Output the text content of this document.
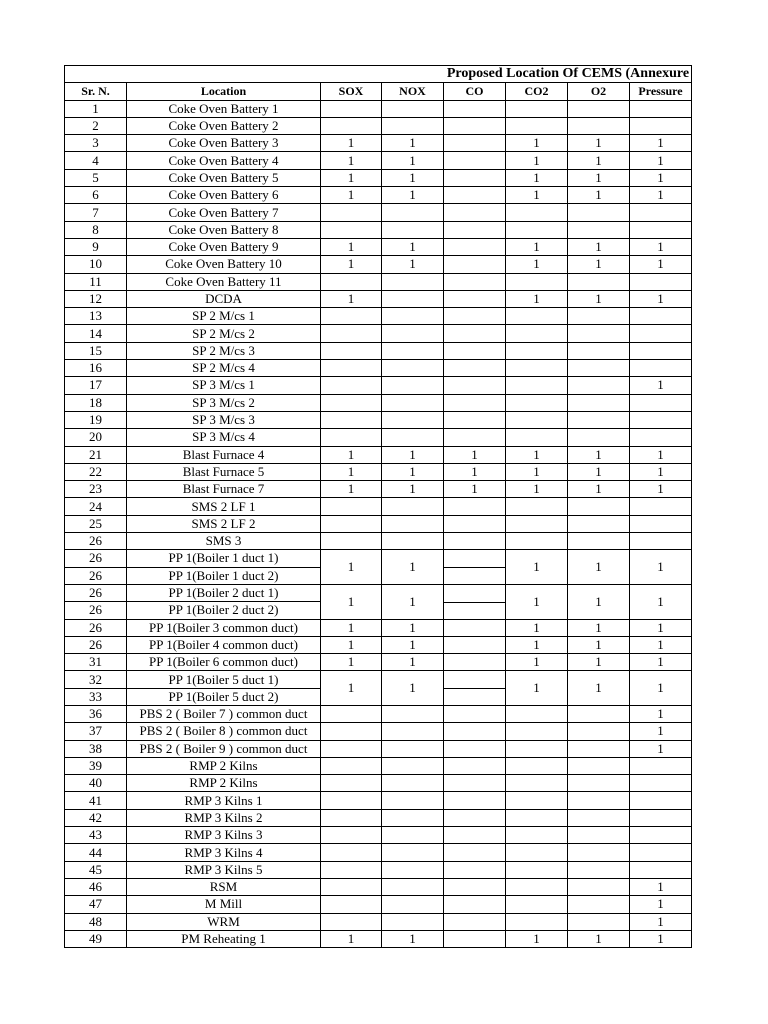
Proposed Location Of CEMS (Annexure							
Sr. N.	Location	SOX	NOX	CO	CO2	O2	Pressure
1	Coke Oven Battery 1						
2	Coke Oven Battery 2						
3	Coke Oven Battery 3	1	1		1	1	1
4	Coke Oven Battery 4	1	1		1	1	1
5	Coke Oven Battery 5	1	1		1	1	1
6	Coke Oven Battery 6	1	1		1	1	1
7	Coke Oven Battery 7						
8	Coke Oven Battery 8						
9	Coke Oven Battery 9	1	1		1	1	1
10	Coke Oven Battery 10	1	1		1	1	1
11	Coke Oven Battery 11						
12	DCDA	1			1	1	1
13	SP 2 M/cs 1						
14	SP 2 M/cs 2						
15	SP 2 M/cs 3						
16	SP 2 M/cs 4						
17	SP 3 M/cs 1						1
18	SP 3 M/cs 2						
19	SP 3 M/cs 3						
20	SP 3 M/cs 4						
21	Blast Furnace 4	1	1	1	1	1	1
22	Blast Furnace 5	1	1	1	1	1	1
23	Blast Furnace 7	1	1	1	1	1	1
24	SMS 2 LF 1						
25	SMS 2 LF 2						
26	SMS 3						
26	PP 1(Boiler 1 duct 1)	1	1		1	1	1
26	PP 1(Boiler 1 duct 2)						
26	PP 1(Boiler 2 duct 1)	1	1		1	1	1
26	PP 1(Boiler 2 duct 2)						
26	PP 1(Boiler 3 common duct)	1	1		1	1	1
26	PP 1(Boiler 4 common duct)	1	1		1	1	1
31	PP 1(Boiler 6 common duct)	1	1		1	1	1
32	PP 1(Boiler 5 duct 1)	1	1		1	1	1
33	PP 1(Boiler 5 duct 2)						
36	PBS 2 ( Boiler 7 ) common duct						1
37	PBS 2 ( Boiler 8 ) common duct						1
38	PBS 2 ( Boiler 9 ) common duct						1
39	RMP 2 Kilns						
40	RMP 2 Kilns						
41	RMP 3 Kilns 1						
42	RMP 3 Kilns 2						
43	RMP 3 Kilns 3						
44	RMP 3 Kilns 4						
45	RMP 3 Kilns 5						
46	RSM						1
47	M Mill						1
48	WRM						1
49	PM Reheating 1	1	1		1	1	1
